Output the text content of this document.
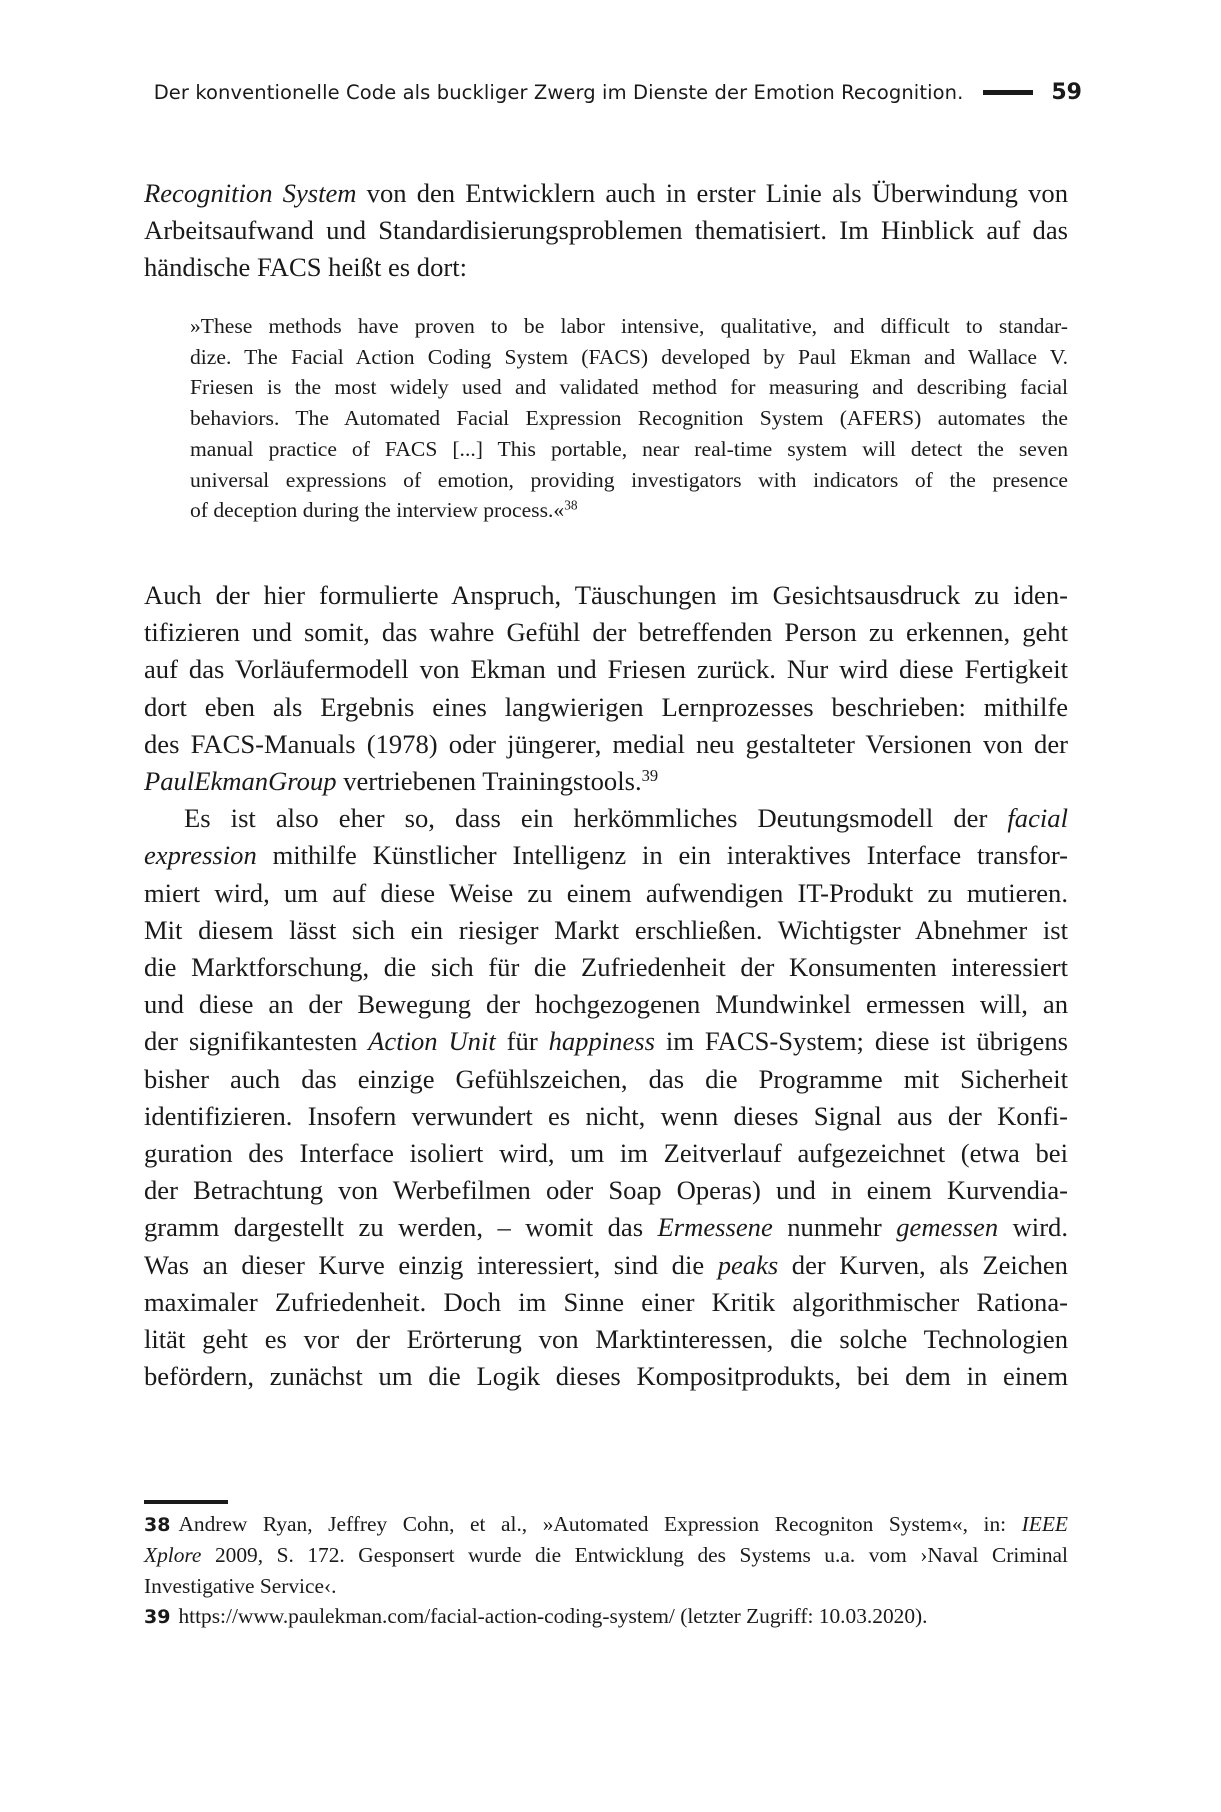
Der konventionelle Code als buckliger Zwerg im Dienste der Emotion Recognition.	59
Recognition System von den Entwicklern auch in erster Linie als Überwindung von Arbeitsaufwand und Standardisierungsproblemen thematisiert. Im Hinblick auf das händische FACS heißt es dort:
»These methods have proven to be labor intensive, qualitative, and difficult to standar-
dize. The Facial Action Coding System (FACS) developed by Paul Ekman and Wallace V.
Friesen is the most widely used and validated method for measuring and describing facial
behaviors. The Automated Facial Expression Recognition System (AFERS) automates the
manual practice of FACS [...] This portable, near real-time system will detect the seven
universal expressions of emotion, providing investigators with indicators of the presence
of deception during the interview process.«$^{38}$
Auch der hier formulierte Anspruch, Täuschungen im Gesichtsausdruck zu iden-
tifizieren und somit, das wahre Gefühl der betreffenden Person zu erkennen, geht
auf das Vorläufermodell von Ekman und Friesen zurück. Nur wird diese Fertigkeit
dort eben als Ergebnis eines langwierigen Lernprozesses beschrieben: mithilfe
des FACS-Manuals (1978) oder jüngerer, medial neu gestalteter Versionen von der
PaulEkmanGroup vertriebenen Trainingstools.$^{39}$
Es ist also eher so, dass ein herkömmliches Deutungsmodell der facial
expression mithilfe Künstlicher Intelligenz in ein interaktives Interface transfor-
miert wird, um auf diese Weise zu einem aufwendigen IT-Produkt zu mutieren.
Mit diesem lässt sich ein riesiger Markt erschließen. Wichtigster Abnehmer ist
die Marktforschung, die sich für die Zufriedenheit der Konsumenten interessiert
und diese an der Bewegung der hochgezogenen Mundwinkel ermessen will, an
der signifikantesten Action Unit für happiness im FACS-System; diese ist übrigens
bisher auch das einzige Gefühlszeichen, das die Programme mit Sicherheit
identifizieren. Insofern verwundert es nicht, wenn dieses Signal aus der Konfi-
guration des Interface isoliert wird, um im Zeitverlauf aufgezeichnet (etwa bei
der Betrachtung von Werbefilmen oder Soap Operas) und in einem Kurvendia-
gramm dargestellt zu werden, – womit das Ermessene nunmehr gemessen wird.
Was an dieser Kurve einzig interessiert, sind die peaks der Kurven, als Zeichen
maximaler Zufriedenheit. Doch im Sinne einer Kritik algorithmischer Rationa-
lität geht es vor der Erörterung von Marktinteressen, die solche Technologien
befördern, zunächst um die Logik dieses Kompositprodukts, bei dem in einem
38 Andrew Ryan, Jeffrey Cohn, et al., »Automated Expression Recogniton System«, in: IEEE
Xplore 2009, S. 172. Gesponsert wurde die Entwicklung des Systems u.a. vom ›Naval Criminal
Investigative Service‹.
39 https://www.paulekman.com/facial-action-coding-system/ (letzter Zugriff: 10.03.2020).
